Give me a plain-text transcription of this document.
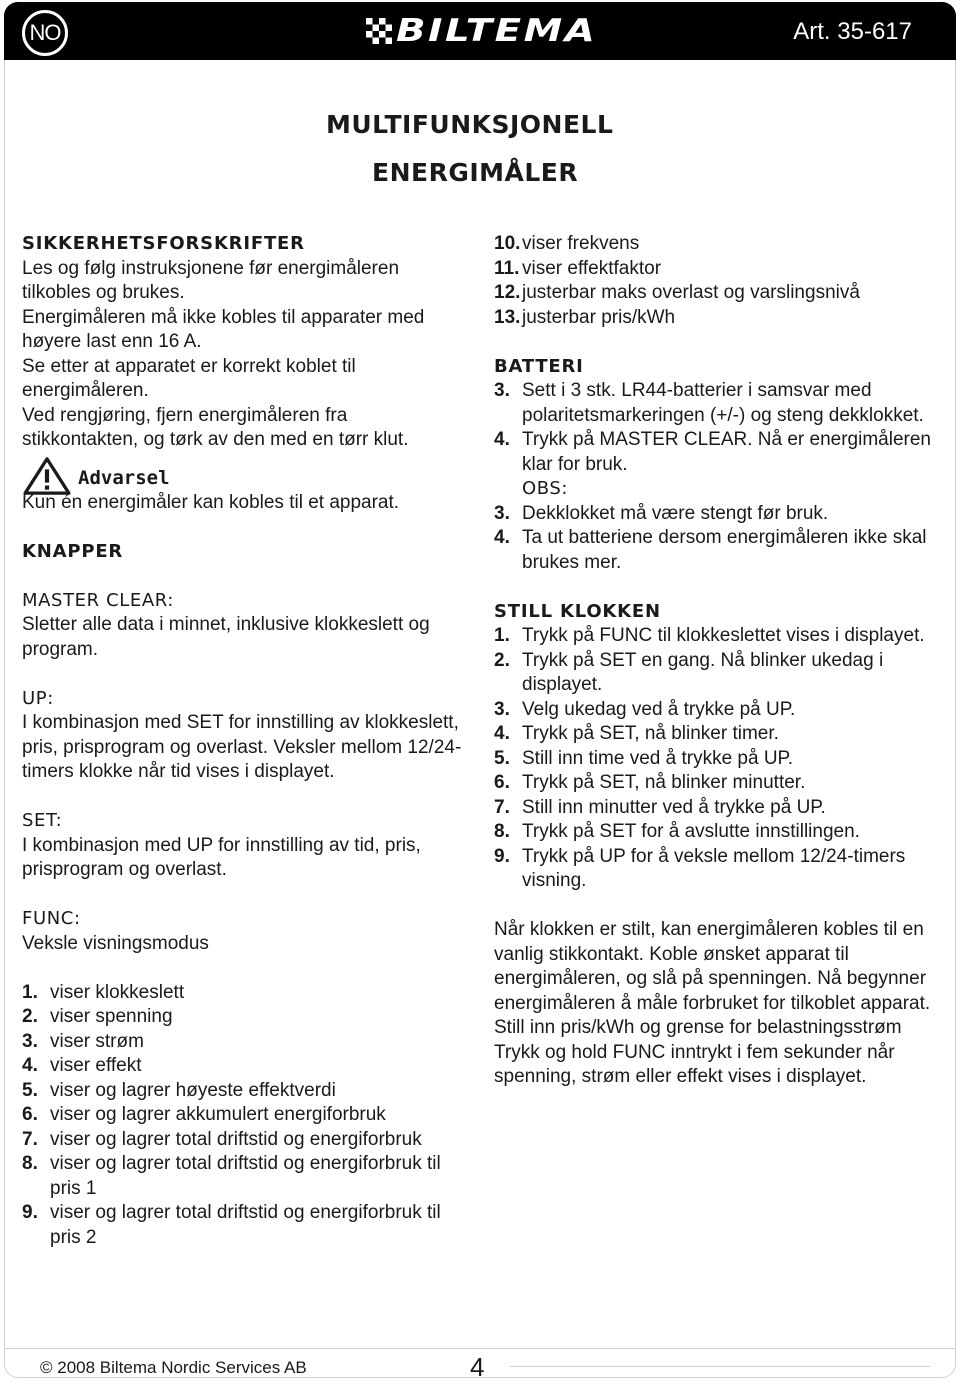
NO	BILTEMA	Art. 35-617
MULTIFUNKSJONELL
ENERGIMÅLER
SIKKERHETSFORSKRIFTER
Les og følg instruksjonene før energimåleren tilkobles og brukes.
Energimåleren må ikke kobles til apparater med høyere last enn 16 A.
Se etter at apparatet er korrekt koblet til energimåleren.
Ved rengjøring, fjern energimåleren fra stikkontakten, og tørk av den med en tørr klut.
Advarsel
Kun én energimåler kan kobles til et apparat.
KNAPPER
MASTER CLEAR:
Sletter alle data i minnet, inklusive klokkeslett og program.
UP:
I kombinasjon med SET for innstilling av klokkeslett, pris, prisprogram og overlast. Veksler mellom 12/24-timers klokke når tid vises i displayet.
SET:
I kombinasjon med UP for innstilling av tid, pris, prisprogram og overlast.
FUNC:
Veksle visningsmodus
1. viser klokkeslett
2. viser spenning
3. viser strøm
4. viser effekt
5. viser og lagrer høyeste effektverdi
6. viser og lagrer akkumulert energiforbruk
7. viser og lagrer total driftstid og energiforbruk
8. viser og lagrer total driftstid og energiforbruk til pris 1
9. viser og lagrer total driftstid og energiforbruk til pris 2
10. viser frekvens
11. viser effektfaktor
12. justerbar maks overlast og varslingsnivå
13. justerbar pris/kWh
BATTERI
3. Sett i 3 stk. LR44-batterier i samsvar med polaritetsmarkeringen (+/-) og steng dekklokket.
4. Trykk på MASTER CLEAR. Nå er energimåleren klar for bruk.
OBS:
3. Dekklokket må være stengt før bruk.
4. Ta ut batteriene dersom energimåleren ikke skal brukes mer.
STILL KLOKKEN
1. Trykk på FUNC til klokkeslettet vises i displayet.
2. Trykk på SET en gang. Nå blinker ukedag i displayet.
3. Velg ukedag ved å trykke på UP.
4. Trykk på SET, nå blinker timer.
5. Still inn time ved å trykke på UP.
6. Trykk på SET, nå blinker minutter.
7. Still inn minutter ved å trykke på UP.
8. Trykk på SET for å avslutte innstillingen.
9. Trykk på UP for å veksle mellom 12/24-timers visning.
Når klokken er stilt, kan energimåleren kobles til en vanlig stikkontakt. Koble ønsket apparat til energimåleren, og slå på spenningen. Nå begynner energimåleren å måle forbruket for tilkoblet apparat.
Still inn pris/kWh og grense for belastningsstrøm
Trykk og hold FUNC inntrykt i fem sekunder når spenning, strøm eller effekt vises i displayet.
© 2008 Biltema Nordic Services AB	4
